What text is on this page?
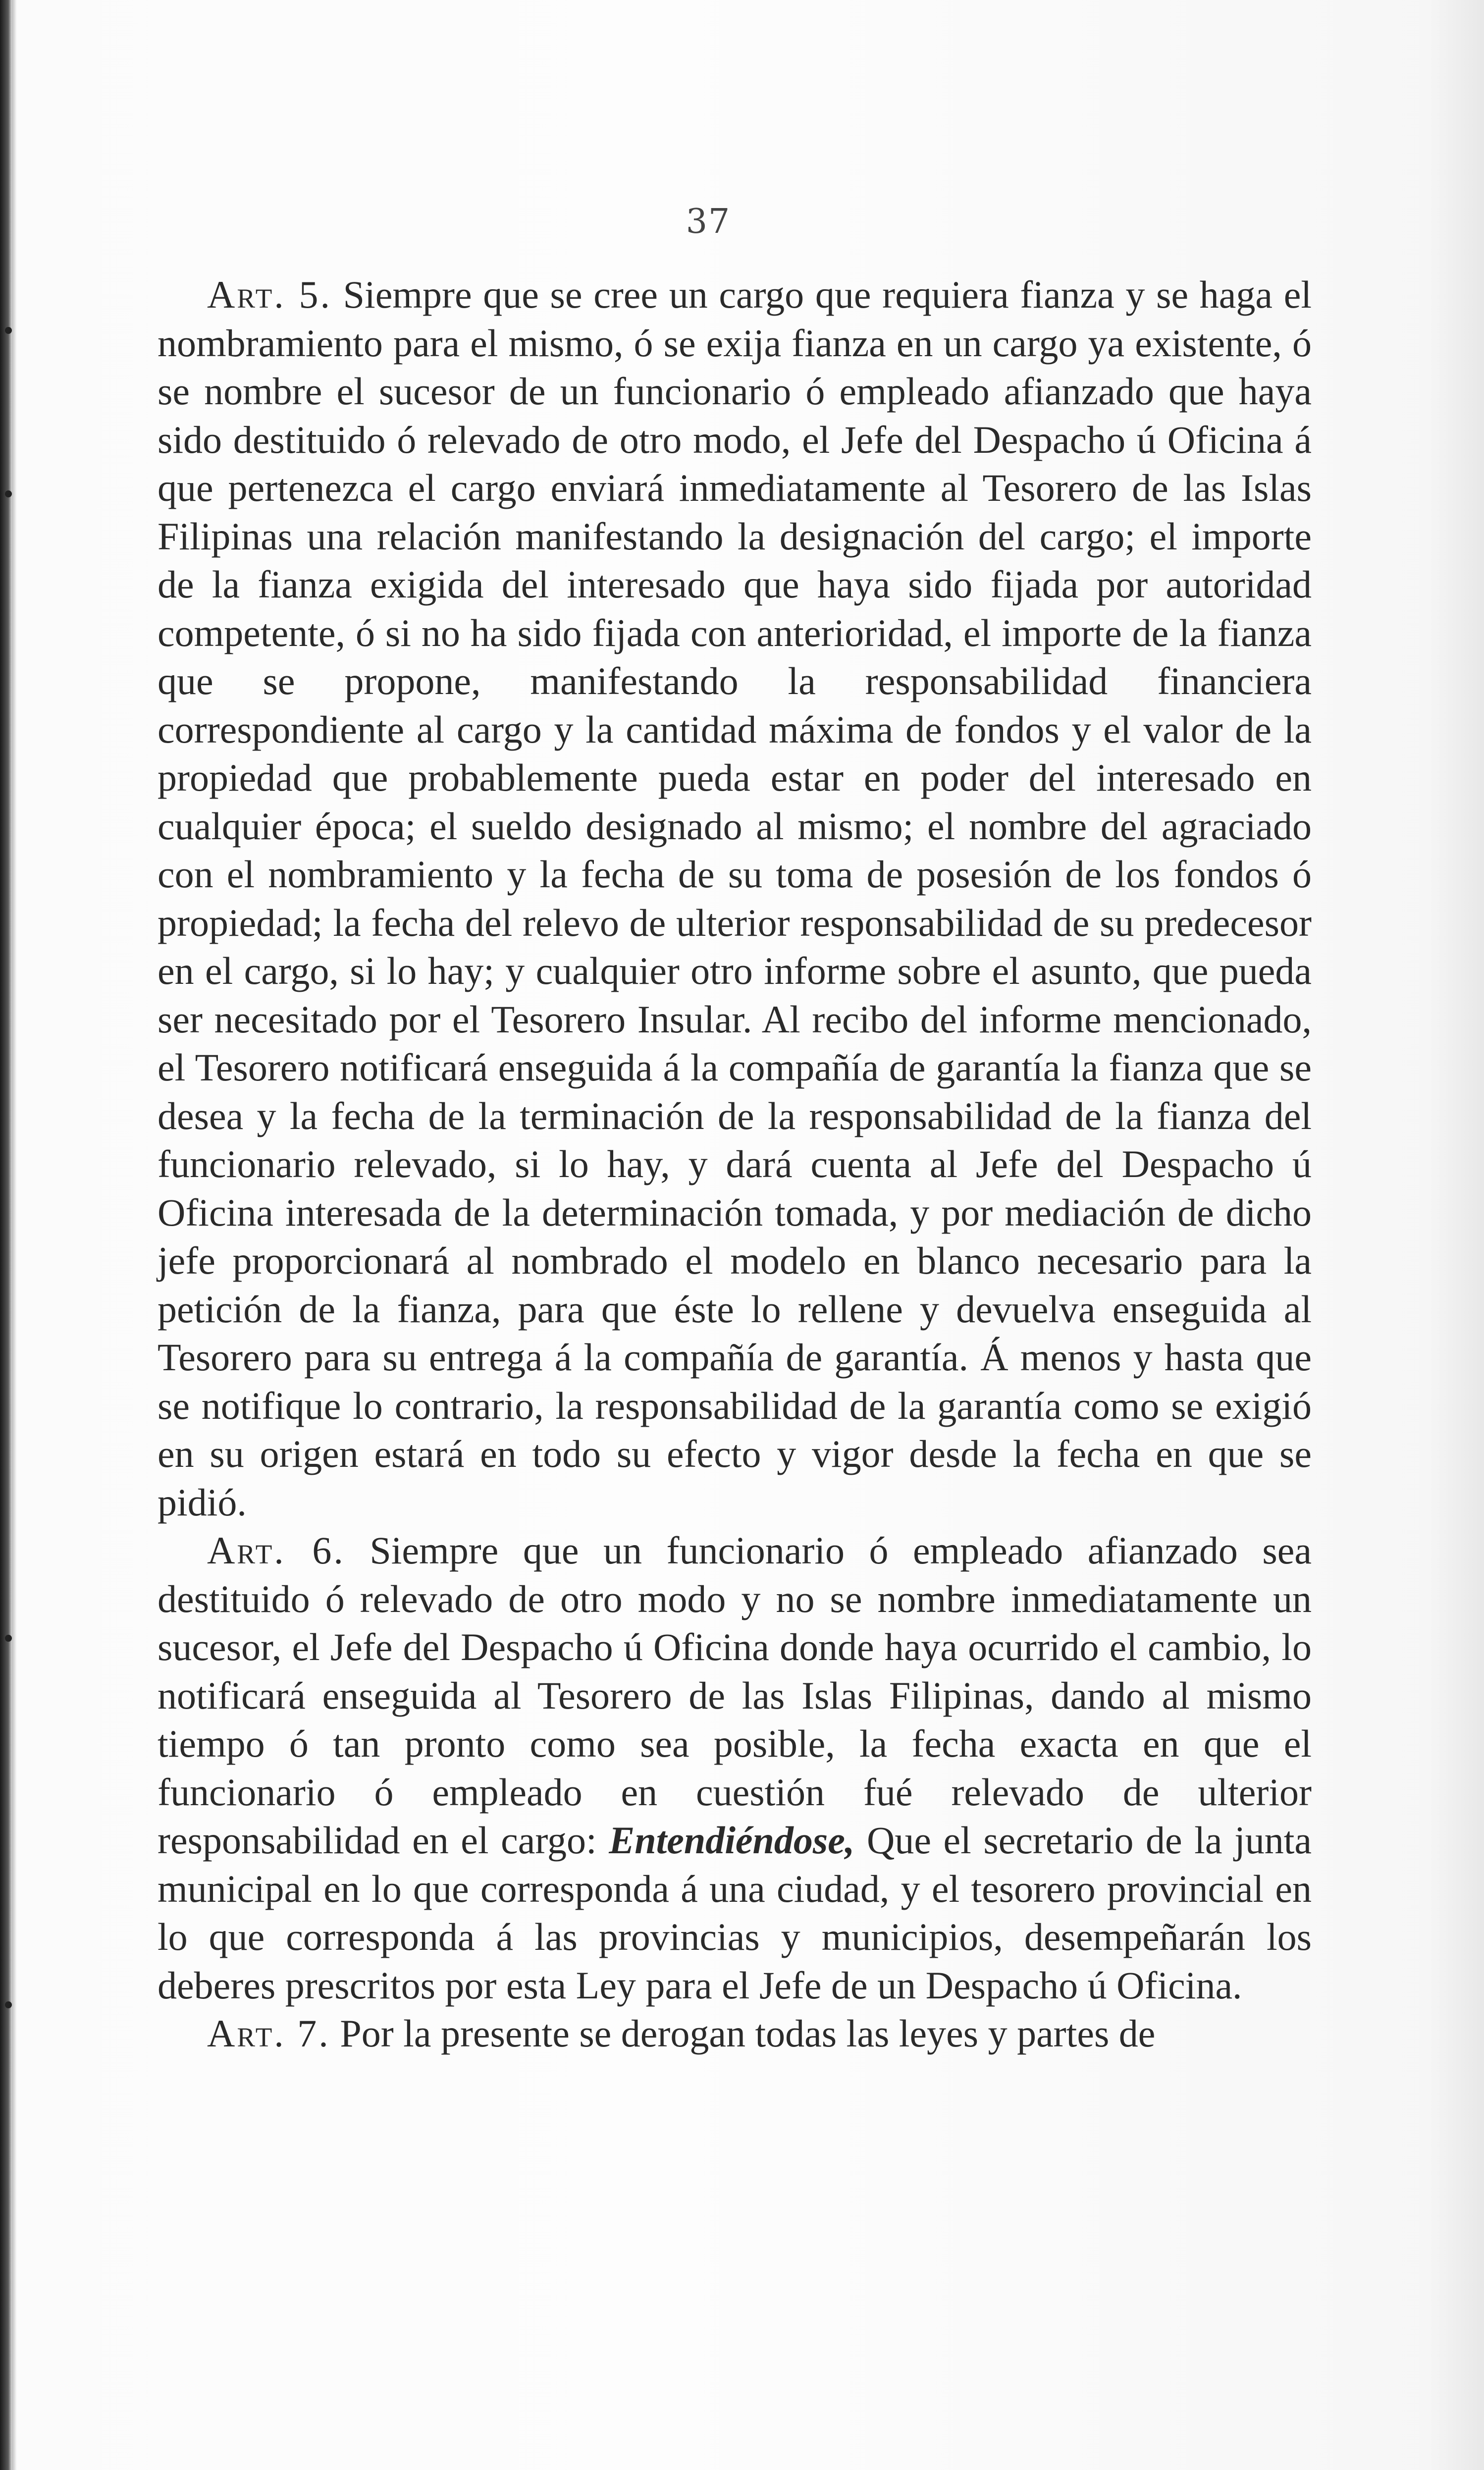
37

Art. 5. Siempre que se cree un cargo que requiera fianza y se haga el nombramiento para el mismo, ó se exija fianza en un cargo ya existente, ó se nombre el sucesor de un funcionario ó empleado afianzado que haya sido destituido ó relevado de otro modo, el Jefe del Despacho ú Oficina á que pertenezca el cargo enviará inmediatamente al Tesorero de las Islas Filipinas una relación manifestando la designación del cargo; el importe de la fianza exigida del interesado que haya sido fijada por autoridad competente, ó si no ha sido fijada con anterioridad, el importe de la fianza que se propone, manifestando la responsabilidad financiera correspondiente al cargo y la cantidad máxima de fondos y el valor de la propiedad que probablemente pueda estar en poder del interesado en cualquier época; el sueldo designado al mismo; el nombre del agraciado con el nombramiento y la fecha de su toma de posesión de los fondos ó propiedad; la fecha del relevo de ulterior responsabilidad de su predecesor en el cargo, si lo hay; y cualquier otro informe sobre el asunto, que pueda ser necesitado por el Tesorero Insular. Al recibo del informe mencionado, el Tesorero notificará enseguida á la compañía de garantía la fianza que se desea y la fecha de la terminación de la responsabilidad de la fianza del funcionario relevado, si lo hay, y dará cuenta al Jefe del Despacho ú Oficina interesada de la determinación tomada, y por mediación de dicho jefe proporcionará al nombrado el modelo en blanco necesario para la petición de la fianza, para que éste lo rellene y devuelva enseguida al Tesorero para su entrega á la compañía de garantía. Á menos y hasta que se notifique lo contrario, la responsabilidad de la garantía como se exigió en su origen estará en todo su efecto y vigor desde la fecha en que se pidió.

Art. 6. Siempre que un funcionario ó empleado afianzado sea destituido ó relevado de otro modo y no se nombre inmediatamente un sucesor, el Jefe del Despacho ú Oficina donde haya ocurrido el cambio, lo notificará enseguida al Tesorero de las Islas Filipinas, dando al mismo tiempo ó tan pronto como sea posible, la fecha exacta en que el funcionario ó empleado en cuestión fué relevado de ulterior responsabilidad en el cargo: Entendiéndose, Que el secretario de la junta municipal en lo que corresponda á una ciudad, y el tesorero provincial en lo que corresponda á las provincias y municipios, desempeñarán los deberes prescritos por esta Ley para el Jefe de un Despacho ú Oficina.

Art. 7. Por la presente se derogan todas las leyes y partes de
